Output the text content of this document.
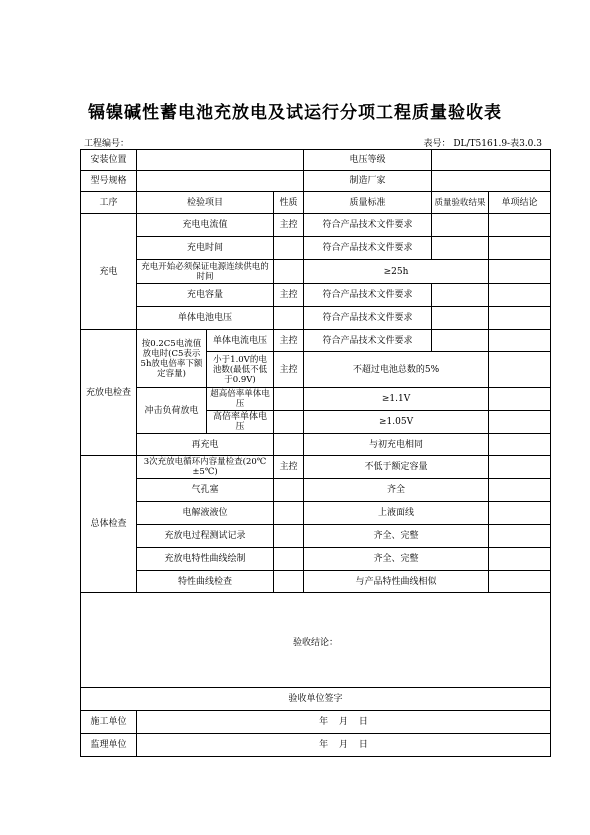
镉镍碱性蓄电池充放电及试运行分项工程质量验收表
工程编号：	表号： DL/T5161.9-表3.0.3
安装位置				电压等级		
型号规格				制造厂家		
工序	检验项目		性质	质量标准	质量验收结果	单项结论
充电	充电电流值		主控	符合产品技术文件要求		
	充电时间			符合产品技术文件要求		
	充电开始必须保证电源连续供电的时间			≥25h		
	充电容量		主控	符合产品技术文件要求		
	单体电池电压			符合产品技术文件要求		
充放电检查	按0.2C5电流值放电时(C5表示5h放电倍率下额定容量)	单体电流电压	主控	符合产品技术文件要求		
		小于1.0V的电池数(最低不低于0.9V)	主控	不超过电池总数的5%		
	冲击负荷放电	超高倍率单体电压		≥1.1V		
		高倍率单体电压		≥1.05V		
	再充电			与初充电相同		
总体检查	3次充放电循环内容量检查(20℃±5℃)		主控	不低于额定容量		
	气孔塞			齐全		
	电解液液位			上液面线		
	充放电过程测试记录			齐全、完整		
	充放电特性曲线绘制			齐全、完整		
	特性曲线检查			与产品特性曲线相似		
验收结论：						
验收单位签字						
施工单位	年 月 日					
监理单位	年 月 日					
